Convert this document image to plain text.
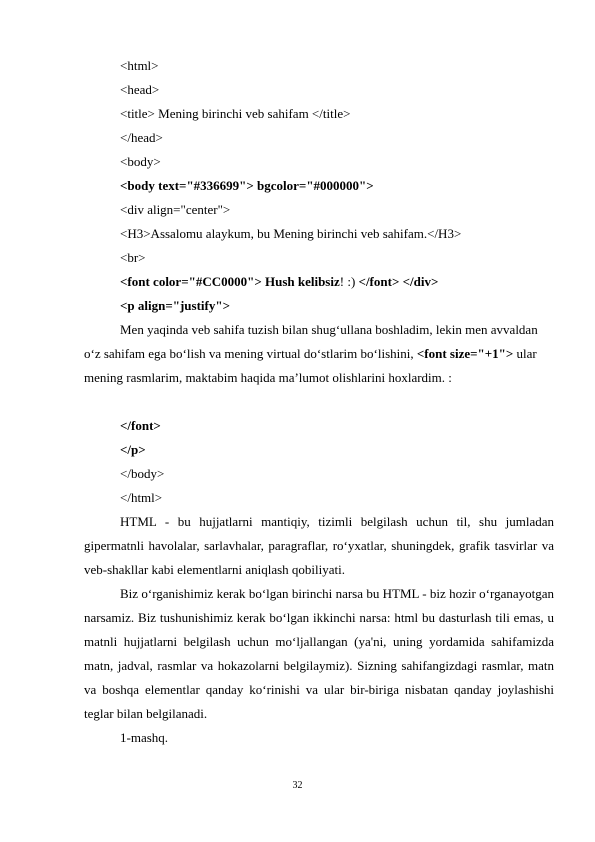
<html>
<head>
<title> Mening birinchi veb sahifam </title>
</head>
<body>
<body text="#336699"> bgcolor="#000000">
<div align="center">
<H3>Assalomu alaykum, bu Mening birinchi veb sahifam.</H3>
<br>
<font color="#CC0000"> Hush kelibsiz! :) </font> </div>
<p align="justify">
Men yaqinda veb sahifa tuzish bilan shug‘ullana boshladim, lekin men avvaldan o‘z sahifam ega bo‘lish va mening virtual do‘stlarim bo‘lishini, <font size="+1"> ular mening rasmlarim, maktabim haqida ma’lumot olishlarini hoxlardim. :
</font>
</p>
</body>
</html>
HTML - bu hujjatlarni mantiqiy, tizimli belgilash uchun til, shu jumladan gipermatnli havolalar, sarlavhalar, paragraflar, ro‘yxatlar, shuningdek, grafik tasvirlar va veb-shakllar kabi elementlarni aniqlash qobiliyati.
Biz o‘rganishimiz kerak bo‘lgan birinchi narsa bu HTML - biz hozir o‘rganayotgan narsamiz. Biz tushunishimiz kerak bo‘lgan ikkinchi narsa: html bu dasturlash tili emas, u matnli hujjatlarni belgilash uchun mo‘ljallangan (ya'ni, uning yordamida sahifamizda matn, jadval, rasmlar va hokazolarni belgilaymiz). Sizning sahifangizdagi rasmlar, matn va boshqa elementlar qanday ko‘rinishi va ular bir-biriga nisbatan qanday joylashishi teglar bilan belgilanadi.
1-mashq.
32
